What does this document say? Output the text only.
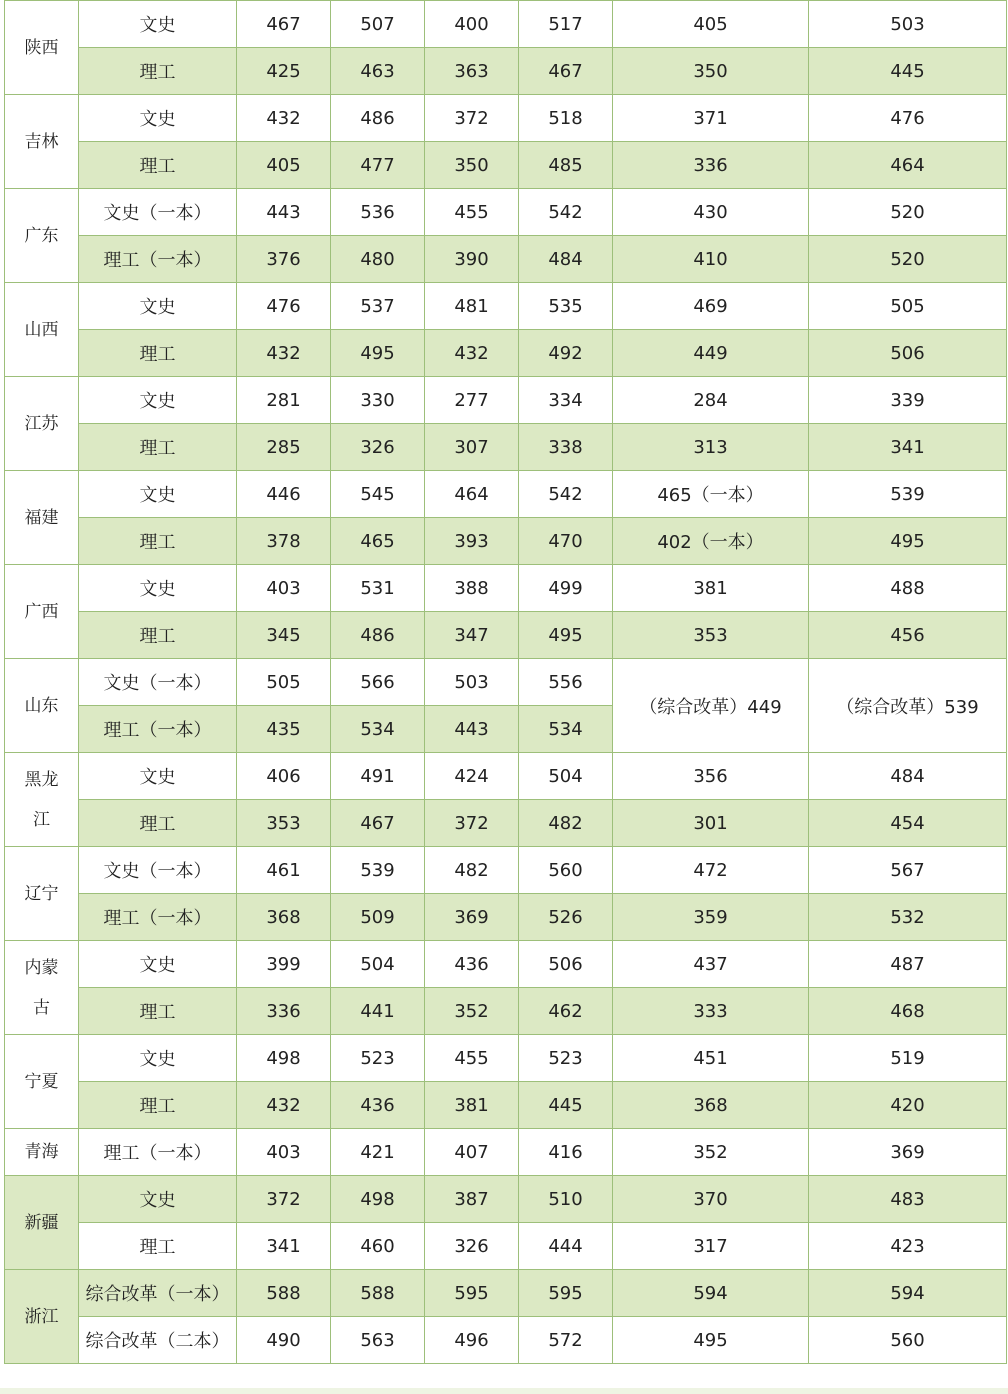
陕西	文史	467	507	400	517	405	503
	理工	425	463	363	467	350	445
吉林	文史	432	486	372	518	371	476
	理工	405	477	350	485	336	464
广东	文史（一本）	443	536	455	542	430	520
	理工（一本）	376	480	390	484	410	520
山西	文史	476	537	481	535	469	505
	理工	432	495	432	492	449	506
江苏	文史	281	330	277	334	284	339
	理工	285	326	307	338	313	341
福建	文史	446	545	464	542	465（一本）	539
	理工	378	465	393	470	402（一本）	495
广西	文史	403	531	388	499	381	488
	理工	345	486	347	495	353	456
山东	文史（一本）	505	566	503	556	（综合改革）449	（综合改革）539
	理工（一本）	435	534	443	534		
黑龙江	文史	406	491	424	504	356	484
	理工	353	467	372	482	301	454
辽宁	文史（一本）	461	539	482	560	472	567
	理工（一本）	368	509	369	526	359	532
内蒙古	文史	399	504	436	506	437	487
	理工	336	441	352	462	333	468
宁夏	文史	498	523	455	523	451	519
	理工	432	436	381	445	368	420
青海	理工（一本）	403	421	407	416	352	369
新疆	文史	372	498	387	510	370	483
	理工	341	460	326	444	317	423
浙江	综合改革（一本）	588	588	595	595	594	594
	综合改革（二本）	490	563	496	572	495	560
